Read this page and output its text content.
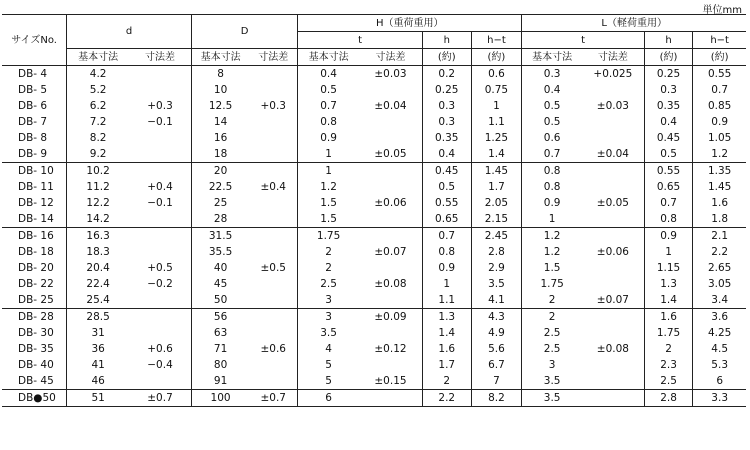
単位mm
サイズNo.	d		D		H（重荷重用）				L（軽荷重用）			
					t		h	h−t	t		h	h−t
	基本寸法	寸法差	基本寸法	寸法差	基本寸法	寸法差	(約)	(約)	基本寸法	寸法差	(約)	(約)
DB- 4	4.2		8		0.4	±0.03	0.2	0.6	0.3	+0.025	0.25	0.55
DB- 5	5.2		10		0.5		0.25	0.75	0.4		0.3	0.7
DB- 6	6.2	+0.3	12.5	+0.3	0.7	±0.04	0.3	1	0.5	±0.03	0.35	0.85
DB- 7	7.2	−0.1	14		0.8		0.3	1.1	0.5		0.4	0.9
DB- 8	8.2		16		0.9		0.35	1.25	0.6		0.45	1.05
DB- 9	9.2		18		1	±0.05	0.4	1.4	0.7	±0.04	0.5	1.2
DB- 10	10.2		20		1		0.45	1.45	0.8		0.55	1.35
DB- 11	11.2	+0.4	22.5	±0.4	1.2		0.5	1.7	0.8		0.65	1.45
DB- 12	12.2	−0.1	25		1.5	±0.06	0.55	2.05	0.9	±0.05	0.7	1.6
DB- 14	14.2		28		1.5		0.65	2.15	1		0.8	1.8
DB- 16	16.3		31.5		1.75		0.7	2.45	1.2		0.9	2.1
DB- 18	18.3		35.5		2	±0.07	0.8	2.8	1.2	±0.06	1	2.2
DB- 20	20.4	+0.5	40	±0.5	2		0.9	2.9	1.5		1.15	2.65
DB- 22	22.4	−0.2	45		2.5	±0.08	1	3.5	1.75		1.3	3.05
DB- 25	25.4		50		3		1.1	4.1	2	±0.07	1.4	3.4
DB- 28	28.5		56		3	±0.09	1.3	4.3	2		1.6	3.6
DB- 30	31		63		3.5		1.4	4.9	2.5		1.75	4.25
DB- 35	36	+0.6	71	±0.6	4	±0.12	1.6	5.6	2.5	±0.08	2	4.5
DB- 40	41	−0.4	80		5		1.7	6.7	3		2.3	5.3
DB- 45	46		91		5	±0.15	2	7	3.5		2.5	6
DB●50	51	±0.7	100	±0.7	6		2.2	8.2	3.5		2.8	3.3
